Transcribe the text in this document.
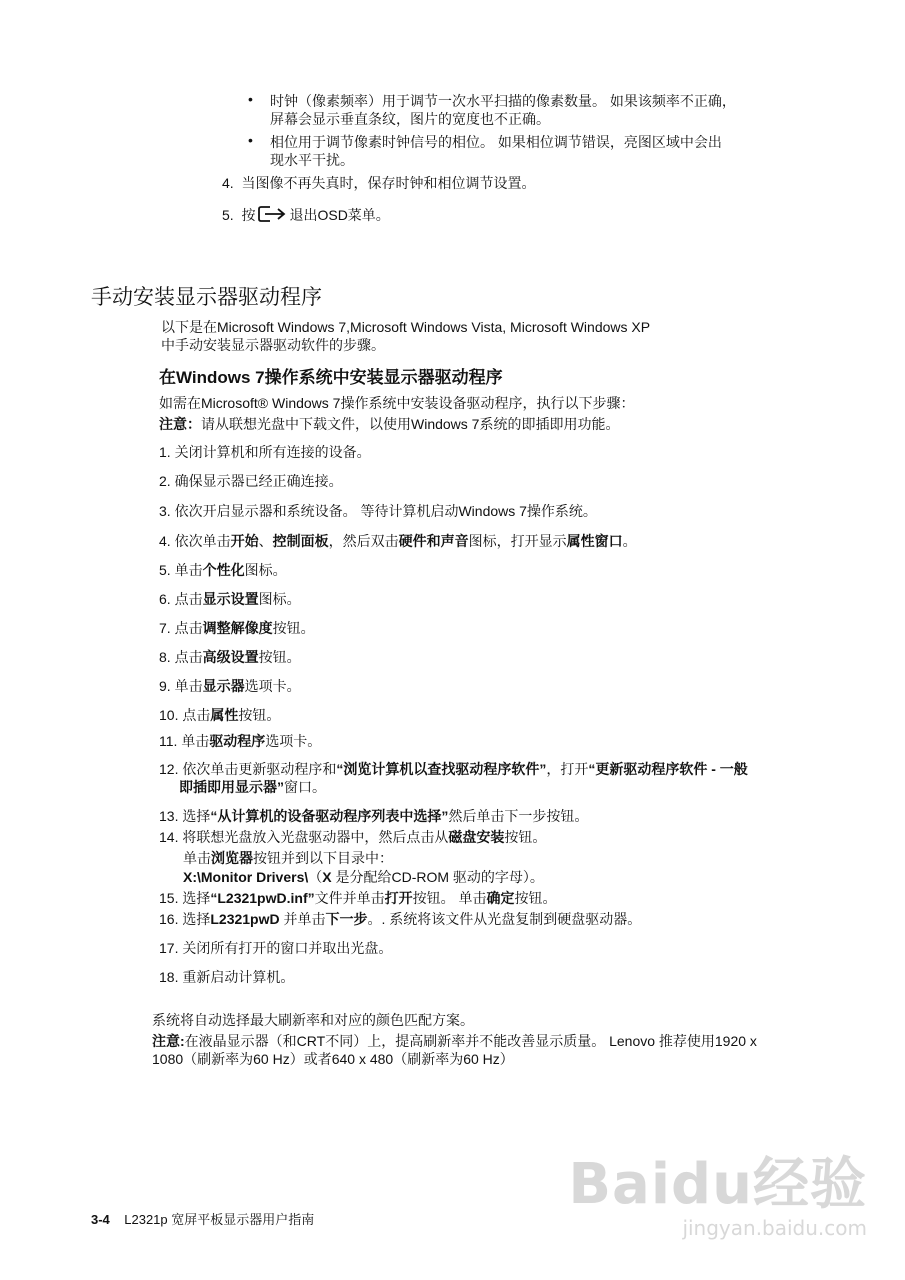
• 时钟（像素频率）用于调节一次水平扫描的像素数量。 如果该频率不正确，
屏幕会显示垂直条纹，图片的宽度也不正确。
• 相位用于调节像素时钟信号的相位。 如果相位调节错误，亮图区域中会出
现水平干扰。
4. 当图像不再失真时，保存时钟和相位调节设置。
5. 按 退出OSD菜单。
手动安装显示器驱动程序
以下是在Microsoft Windows 7,Microsoft Windows Vista, Microsoft Windows XP
中手动安装显示器驱动软件的步骤。
在Windows 7操作系统中安装显示器驱动程序
如需在Microsoft® Windows 7操作系统中安装设备驱动程序，执行以下步骤：
注意：请从联想光盘中下载文件，以使用Windows 7系统的即插即用功能。
1. 关闭计算机和所有连接的设备。
2. 确保显示器已经正确连接。
3. 依次开启显示器和系统设备。 等待计算机启动Windows 7操作系统。
4. 依次单击开始、控制面板，然后双击硬件和声音图标，打开显示属性窗口。
5. 单击个性化图标。
6. 点击显示设置图标。
7. 点击调整解像度按钮。
8. 点击高级设置按钮。
9. 单击显示器选项卡。
10. 点击属性按钮。
11. 单击驱动程序选项卡。
12. 依次单击更新驱动程序和“浏览计算机以查找驱动程序软件”，打开“更新驱动程序软件 - 一般
即插即用显示器”窗口。
13. 选择“从计算机的设备驱动程序列表中选择”然后单击下一步按钮。
14. 将联想光盘放入光盘驱动器中，然后点击从磁盘安装按钮。
单击浏览器按钮并到以下目录中：
X:\Monitor Drivers\（X 是分配给CD-ROM 驱动的字母）。
15. 选择“L2321pwD.inf”文件并单击打开按钮。 单击确定按钮。
16. 选择L2321pwD 并单击下一步。. 系统将该文件从光盘复制到硬盘驱动器。
17. 关闭所有打开的窗口并取出光盘。
18. 重新启动计算机。
系统将自动选择最大刷新率和对应的颜色匹配方案。
注意:在液晶显示器（和CRT不同）上，提高刷新率并不能改善显示质量。 Lenovo 推荐使用1920 x
1080（刷新率为60 Hz）或者640 x 480（刷新率为60 Hz）
3-4 L2321p 宽屏平板显示器用户指南
Baidu经验
jingyan.baidu.com
